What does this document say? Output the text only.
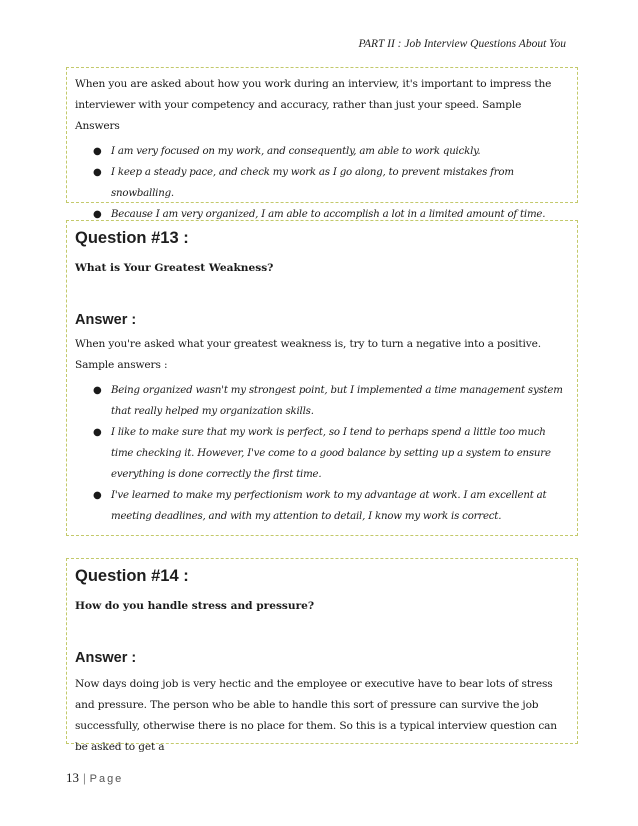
PART II : Job Interview Questions About You

When you are asked about how you work during an interview, it's important to impress the interviewer with your competency and accuracy, rather than just your speed. Sample Answers

● I am very focused on my work, and consequently, am able to work quickly.
● I keep a steady pace, and check my work as I go along, to prevent mistakes from snowballing.
● Because I am very organized, I am able to accomplish a lot in a limited amount of time.
Question #13 :

What is Your Greatest Weakness?

Answer :

When you're asked what your greatest weakness is, try to turn a negative into a positive. Sample answers :

● Being organized wasn't my strongest point, but I implemented a time management system that really helped my organization skills.
● I like to make sure that my work is perfect, so I tend to perhaps spend a little too much time checking it. However, I've come to a good balance by setting up a system to ensure everything is done correctly the first time.
● I've learned to make my perfectionism work to my advantage at work. I am excellent at meeting deadlines, and with my attention to detail, I know my work is correct.
Question #14 :

How do you handle stress and pressure?

Answer :

Now days doing job is very hectic and the employee or executive have to bear lots of stress and pressure. The person who be able to handle this sort of pressure can survive the job successfully, otherwise there is no place for them. So this is a typical interview question can be asked to get a

13 | Page
